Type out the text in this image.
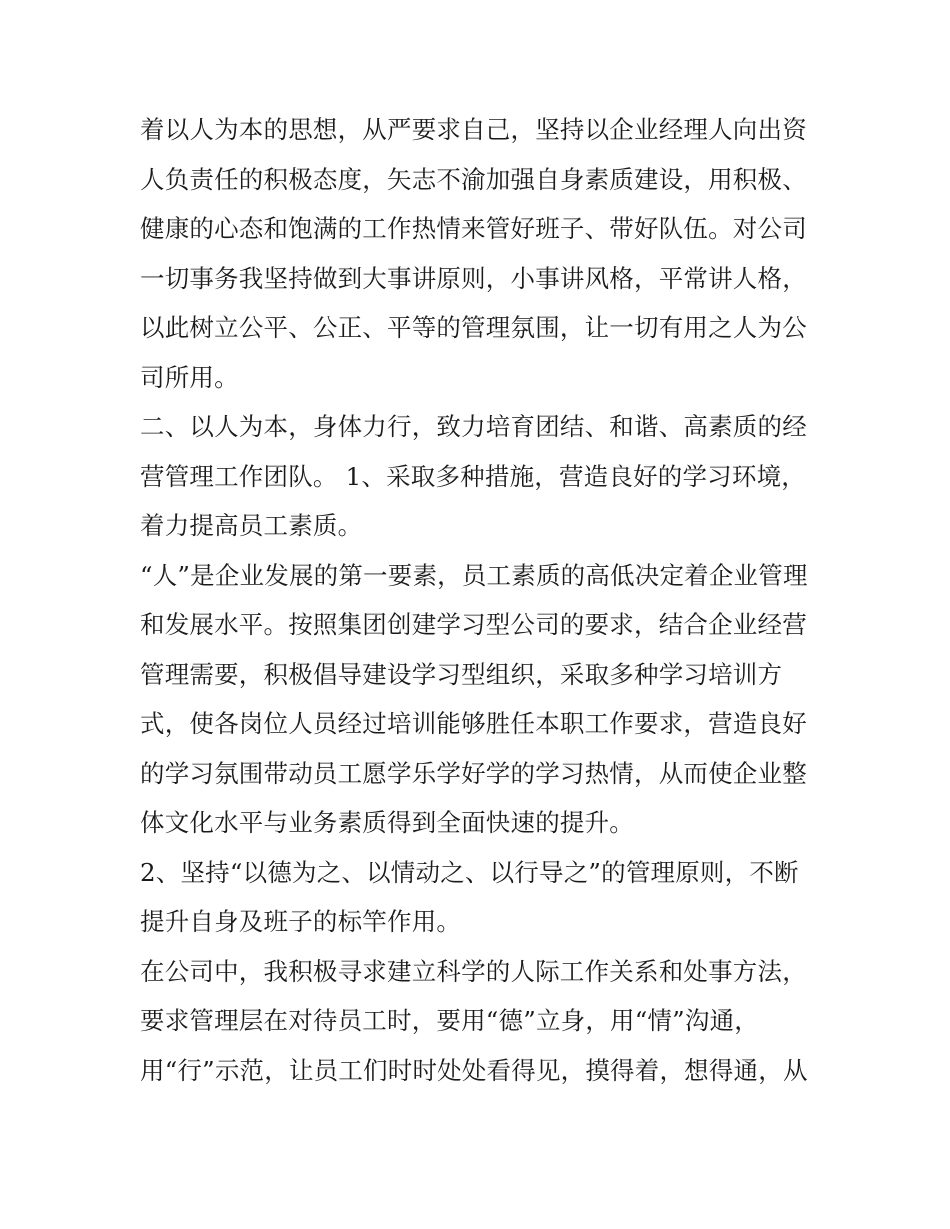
着以人为本的思想，从严要求自己，坚持以企业经理人向出资
人负责任的积极态度，矢志不渝加强自身素质建设，用积极、
健康的心态和饱满的工作热情来管好班子、带好队伍。对公司
一切事务我坚持做到大事讲原则，小事讲风格，平常讲人格，
以此树立公平、公正、平等的管理氛围，让一切有用之人为公
司所用。
二、以人为本，身体力行，致力培育团结、和谐、高素质的经
营管理工作团队。 1、采取多种措施，营造良好的学习环境，
着力提高员工素质。
“人”是企业发展的第一要素，员工素质的高低决定着企业管理
和发展水平。按照集团创建学习型公司的要求，结合企业经营
管理需要，积极倡导建设学习型组织，采取多种学习培训方
式，使各岗位人员经过培训能够胜任本职工作要求，营造良好
的学习氛围带动员工愿学乐学好学的学习热情，从而使企业整
体文化水平与业务素质得到全面快速的提升。
2、坚持“以德为之、以情动之、以行导之”的管理原则，不断
提升自身及班子的标竿作用。
在公司中，我积极寻求建立科学的人际工作关系和处事方法，
要求管理层在对待员工时，要用“德”立身，用“情”沟通，
用“行”示范，让员工们时时处处看得见，摸得着，想得通，从
